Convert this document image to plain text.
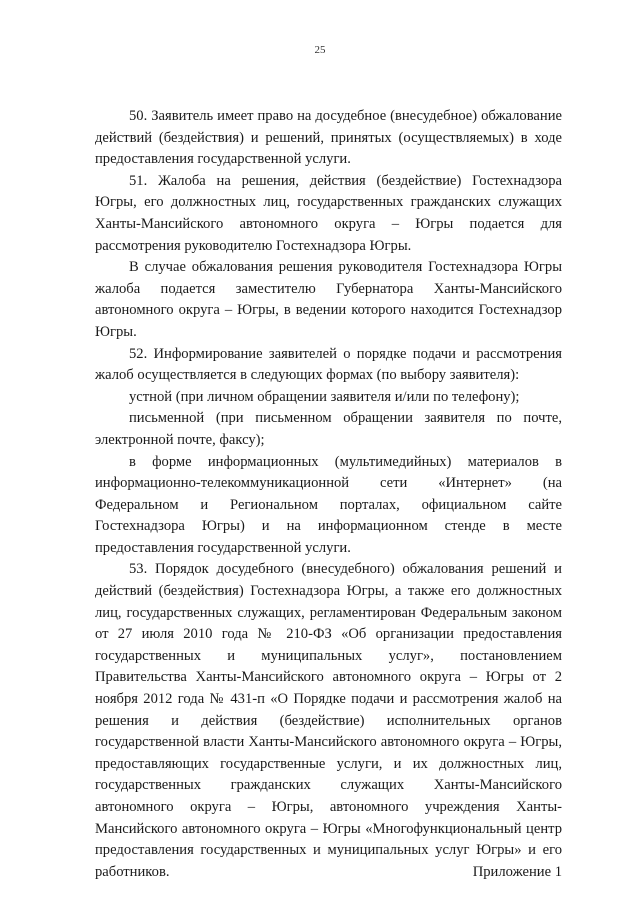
25

50. Заявитель имеет право на досудебное (внесудебное) обжалование действий (бездействия) и решений, принятых (осуществляемых) в ходе предоставления государственной услуги.

51. Жалоба на решения, действия (бездействие) Гостехнадзора Югры, его должностных лиц, государственных гражданских служащих Ханты-Мансийского автономного округа – Югры подается для рассмотрения руководителю Гостехнадзора Югры.

В случае обжалования решения руководителя Гостехнадзора Югры жалоба подается заместителю Губернатора Ханты-Мансийского автономного округа – Югры, в ведении которого находится Гостехнадзор Югры.

52. Информирование заявителей о порядке подачи и рассмотрения жалоб осуществляется в следующих формах (по выбору заявителя):

устной (при личном обращении заявителя и/или по телефону);

письменной (при письменном обращении заявителя по почте, электронной почте, факсу);

в форме информационных (мультимедийных) материалов в информационно-телекоммуникационной сети «Интернет» (на Федеральном и Региональном порталах, официальном сайте Гостехнадзора Югры) и на информационном стенде в месте предоставления государственной услуги.

53. Порядок досудебного (внесудебного) обжалования решений и действий (бездействия) Гостехнадзора Югры, а также его должностных лиц, государственных служащих, регламентирован Федеральным законом от 27 июля 2010 года № 210-ФЗ «Об организации предоставления государственных и муниципальных услуг», постановлением Правительства Ханты-Мансийского автономного округа – Югры от 2 ноября 2012 года № 431-п «О Порядке подачи и рассмотрения жалоб на решения и действия (бездействие) исполнительных органов государственной власти Ханты-Мансийского автономного округа – Югры, предоставляющих государственные услуги, и их должностных лиц, государственных гражданских служащих Ханты-Мансийского автономного округа – Югры, автономного учреждения Ханты-Мансийского автономного округа – Югры «Многофункциональный центр предоставления государственных и муниципальных услуг Югры» и его работников.	Приложение 1
